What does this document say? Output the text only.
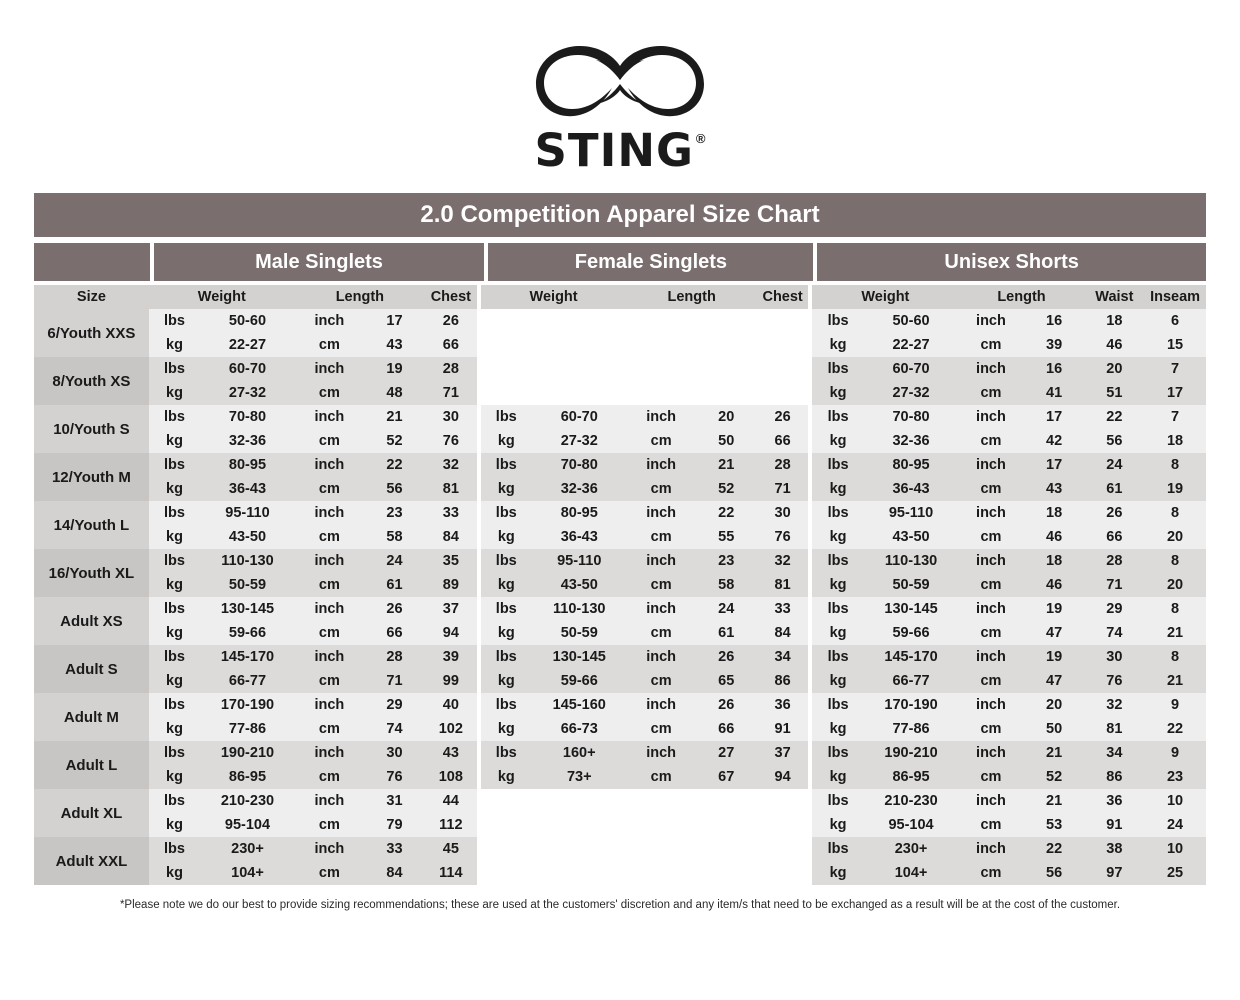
STING ®
2.0 Competition Apparel Size Chart
Male Singlets	Female Singlets	Unisex Shorts
Size	Weight		Length		Chest		Weight		Length		Chest		Weight		Length		Waist	Inseam
6/Youth XXS	lbs	50-60	inch	17	26								lbs	50-60	inch	16	18	6
	kg	22-27	cm	43	66								kg	22-27	cm	39	46	15
8/Youth XS	lbs	60-70	inch	19	28								lbs	60-70	inch	16	20	7
	kg	27-32	cm	48	71								kg	27-32	cm	41	51	17
10/Youth S	lbs	70-80	inch	21	30		lbs	60-70	inch	20	26		lbs	70-80	inch	17	22	7
	kg	32-36	cm	52	76		kg	27-32	cm	50	66		kg	32-36	cm	42	56	18
12/Youth M	lbs	80-95	inch	22	32		lbs	70-80	inch	21	28		lbs	80-95	inch	17	24	8
	kg	36-43	cm	56	81		kg	32-36	cm	52	71		kg	36-43	cm	43	61	19
14/Youth L	lbs	95-110	inch	23	33		lbs	80-95	inch	22	30		lbs	95-110	inch	18	26	8
	kg	43-50	cm	58	84		kg	36-43	cm	55	76		kg	43-50	cm	46	66	20
16/Youth XL	lbs	110-130	inch	24	35		lbs	95-110	inch	23	32		lbs	110-130	inch	18	28	8
	kg	50-59	cm	61	89		kg	43-50	cm	58	81		kg	50-59	cm	46	71	20
Adult XS	lbs	130-145	inch	26	37		lbs	110-130	inch	24	33		lbs	130-145	inch	19	29	8
	kg	59-66	cm	66	94		kg	50-59	cm	61	84		kg	59-66	cm	47	74	21
Adult S	lbs	145-170	inch	28	39		lbs	130-145	inch	26	34		lbs	145-170	inch	19	30	8
	kg	66-77	cm	71	99		kg	59-66	cm	65	86		kg	66-77	cm	47	76	21
Adult M	lbs	170-190	inch	29	40		lbs	145-160	inch	26	36		lbs	170-190	inch	20	32	9
	kg	77-86	cm	74	102		kg	66-73	cm	66	91		kg	77-86	cm	50	81	22
Adult L	lbs	190-210	inch	30	43		lbs	160+	inch	27	37		lbs	190-210	inch	21	34	9
	kg	86-95	cm	76	108		kg	73+	cm	67	94		kg	86-95	cm	52	86	23
Adult XL	lbs	210-230	inch	31	44								lbs	210-230	inch	21	36	10
	kg	95-104	cm	79	112								kg	95-104	cm	53	91	24
Adult XXL	lbs	230+	inch	33	45								lbs	230+	inch	22	38	10
	kg	104+	cm	84	114								kg	104+	cm	56	97	25
*Please note we do our best to provide sizing recommendations; these are used at the customers' discretion and any item/s that need to be exchanged as a result will be at the cost of the customer.
